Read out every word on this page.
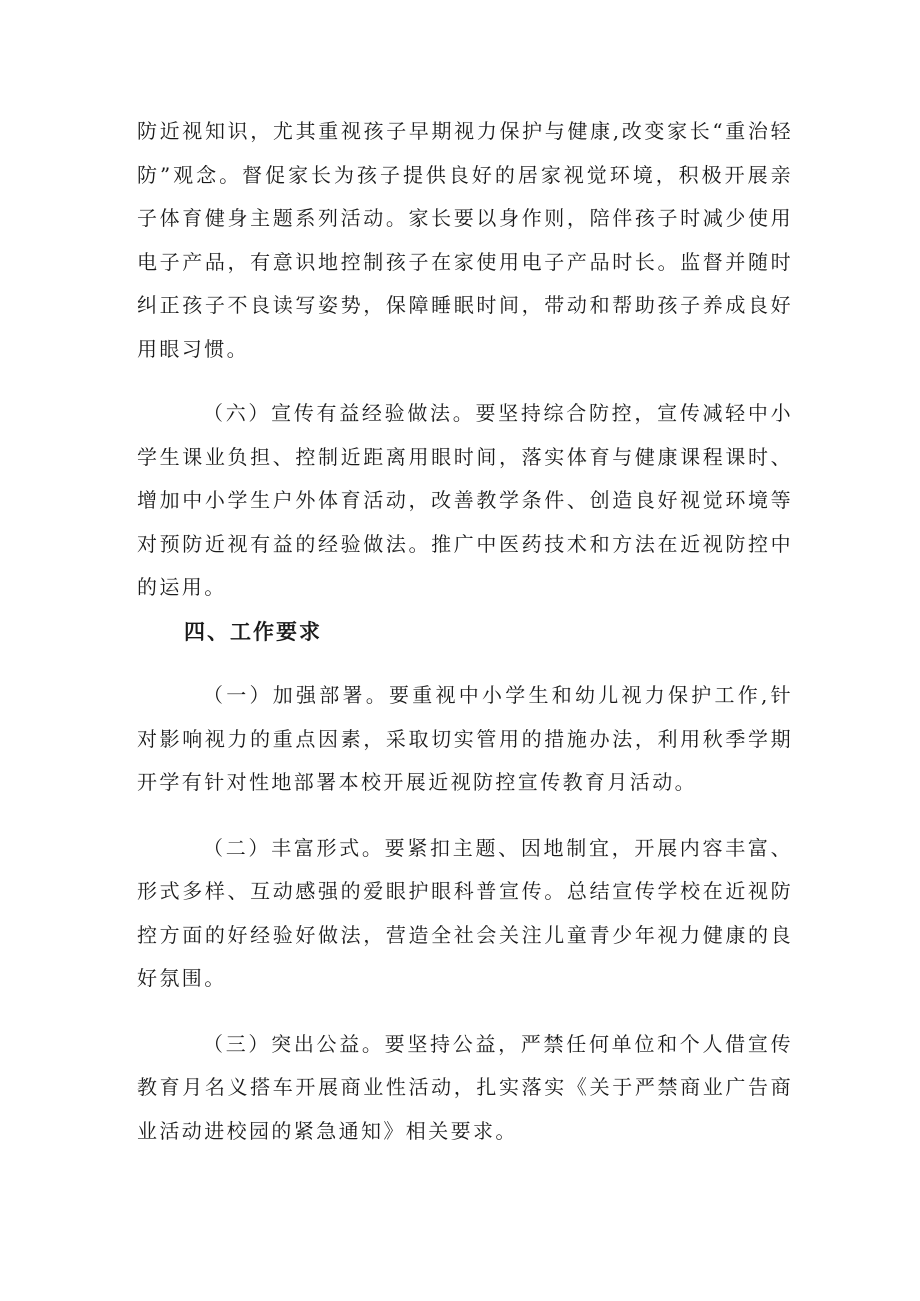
防近视知识，尤其重视孩子早期视力保护与健康,改变家长“重治轻防”观念。督促家长为孩子提供良好的居家视觉环境，积极开展亲子体育健身主题系列活动。家长要以身作则，陪伴孩子时减少使用电子产品，有意识地控制孩子在家使用电子产品时长。监督并随时纠正孩子不良读写姿势，保障睡眠时间，带动和帮助孩子养成良好用眼习惯。

（六）宣传有益经验做法。要坚持综合防控，宣传减轻中小学生课业负担、控制近距离用眼时间，落实体育与健康课程课时、增加中小学生户外体育活动，改善教学条件、创造良好视觉环境等对预防近视有益的经验做法。推广中医药技术和方法在近视防控中的运用。

四、工作要求

（一）加强部署。要重视中小学生和幼儿视力保护工作,针对影响视力的重点因素，采取切实管用的措施办法，利用秋季学期开学有针对性地部署本校开展近视防控宣传教育月活动。

（二）丰富形式。要紧扣主题、因地制宜，开展内容丰富、形式多样、互动感强的爱眼护眼科普宣传。总结宣传学校在近视防控方面的好经验好做法，营造全社会关注儿童青少年视力健康的良好氛围。

（三）突出公益。要坚持公益，严禁任何单位和个人借宣传教育月名义搭车开展商业性活动，扎实落实《关于严禁商业广告商业活动进校园的紧急通知》相关要求。
